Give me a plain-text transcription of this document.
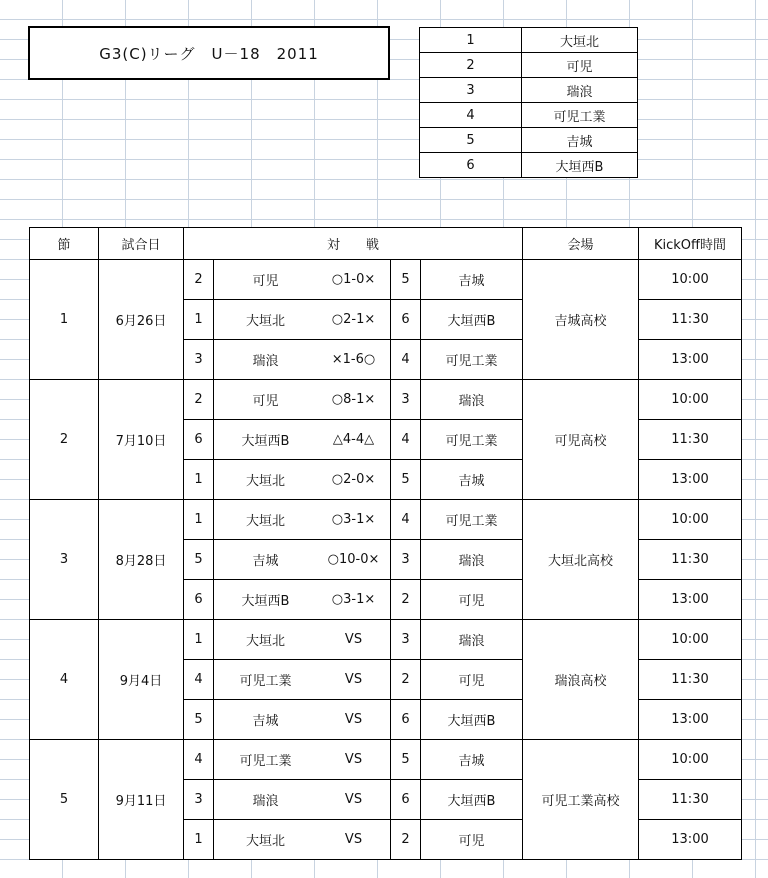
G3(C)リーグ　U－18　2011
1	大垣北
2	可児
3	瑞浪
4	可児工業
5	吉城
6	大垣西B
節	試合日	対　　戦					会場	KickOff時間
1	6月26日	2	可児	○1-0×	5	吉城	吉城高校	10:00
		1	大垣北	○2-1×	6	大垣西B		11:30
		3	瑞浪	×1-6○	4	可児工業		13:00
2	7月10日	2	可児	○8-1×	3	瑞浪	可児高校	10:00
		6	大垣西B	△4-4△	4	可児工業		11:30
		1	大垣北	○2-0×	5	吉城		13:00
3	8月28日	1	大垣北	○3-1×	4	可児工業	大垣北高校	10:00
		5	吉城	○10-0×	3	瑞浪		11:30
		6	大垣西B	○3-1×	2	可児		13:00
4	9月4日	1	大垣北	VS	3	瑞浪	瑞浪高校	10:00
		4	可児工業	VS	2	可児		11:30
		5	吉城	VS	6	大垣西B		13:00
5	9月11日	4	可児工業	VS	5	吉城	可児工業高校	10:00
		3	瑞浪	VS	6	大垣西B		11:30
		1	大垣北	VS	2	可児		13:00
